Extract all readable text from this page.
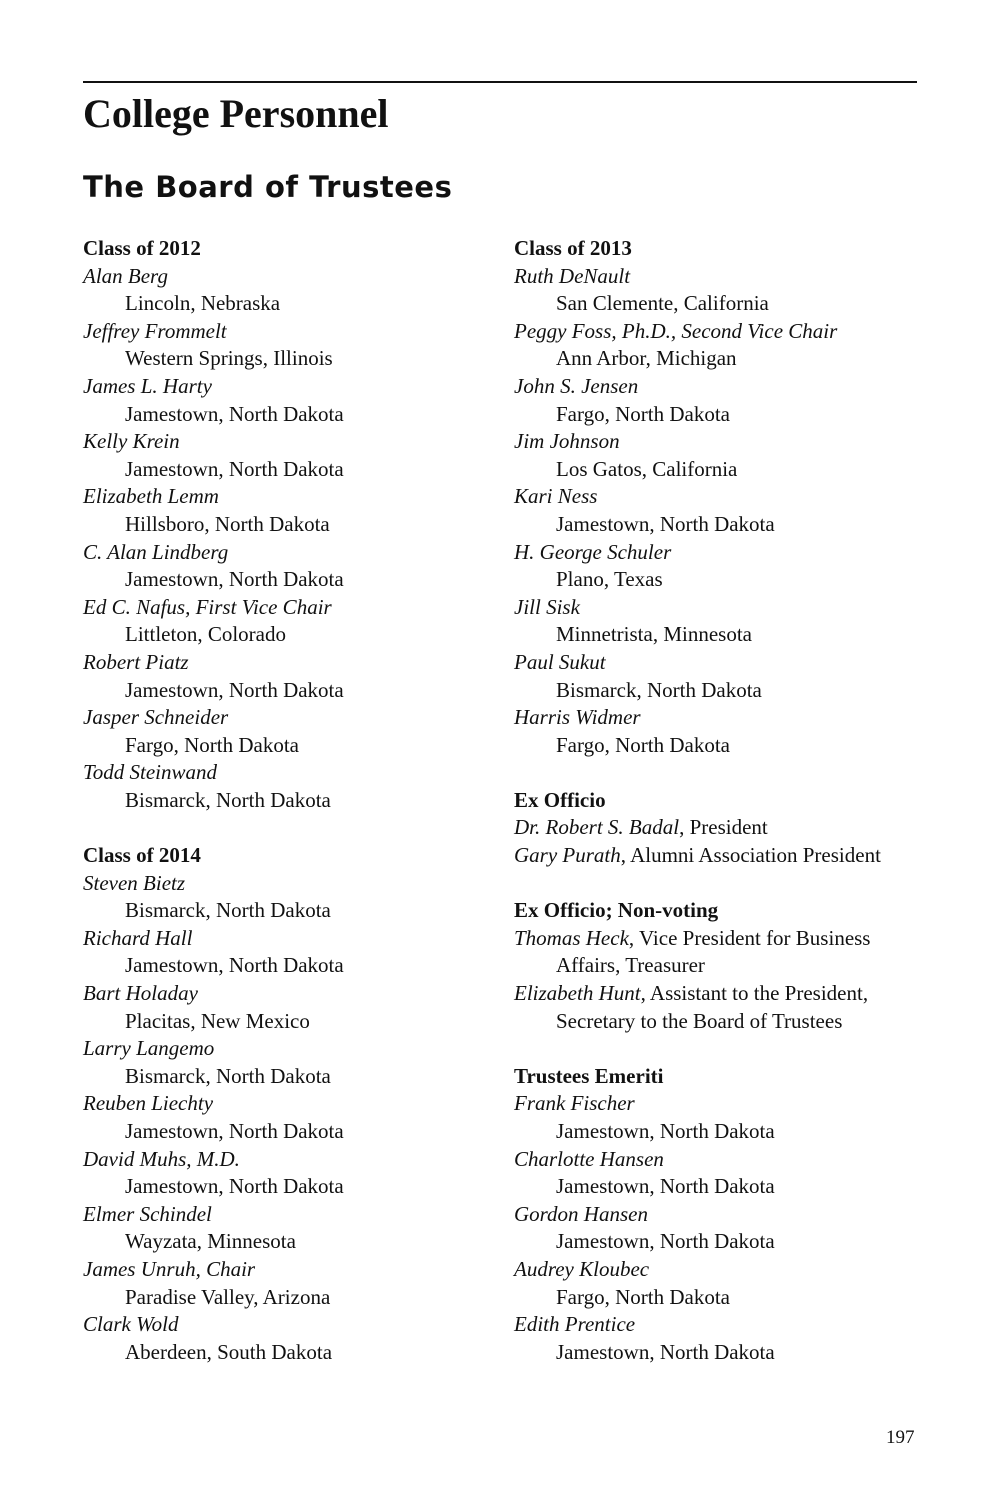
College Personnel
The Board of Trustees
Class of 2012
Alan Berg
Lincoln, Nebraska
Jeffrey Frommelt
Western Springs, Illinois
James L. Harty
Jamestown, North Dakota
Kelly Krein
Jamestown, North Dakota
Elizabeth Lemm
Hillsboro, North Dakota
C. Alan Lindberg
Jamestown, North Dakota
Ed C. Nafus, First Vice Chair
Littleton, Colorado
Robert Piatz
Jamestown, North Dakota
Jasper Schneider
Fargo, North Dakota
Todd Steinwand
Bismarck, North Dakota
Class of 2014
Steven Bietz
Bismarck, North Dakota
Richard Hall
Jamestown, North Dakota
Bart Holaday
Placitas, New Mexico
Larry Langemo
Bismarck, North Dakota
Reuben Liechty
Jamestown, North Dakota
David Muhs, M.D.
Jamestown, North Dakota
Elmer Schindel
Wayzata, Minnesota
James Unruh, Chair
Paradise Valley, Arizona
Clark Wold
Aberdeen, South Dakota
Class of 2013
Ruth DeNault
San Clemente, California
Peggy Foss, Ph.D., Second Vice Chair
Ann Arbor, Michigan
John S. Jensen
Fargo, North Dakota
Jim Johnson
Los Gatos, California
Kari Ness
Jamestown, North Dakota
H. George Schuler
Plano, Texas
Jill Sisk
Minnetrista, Minnesota
Paul Sukut
Bismarck, North Dakota
Harris Widmer
Fargo, North Dakota
Ex Officio
Dr. Robert S. Badal, President
Gary Purath, Alumni Association President
Ex Officio; Non-voting
Thomas Heck, Vice President for Business
Affairs, Treasurer
Elizabeth Hunt, Assistant to the President,
Secretary to the Board of Trustees
Trustees Emeriti
Frank Fischer
Jamestown, North Dakota
Charlotte Hansen
Jamestown, North Dakota
Gordon Hansen
Jamestown, North Dakota
Audrey Kloubec
Fargo, North Dakota
Edith Prentice
Jamestown, North Dakota
197
